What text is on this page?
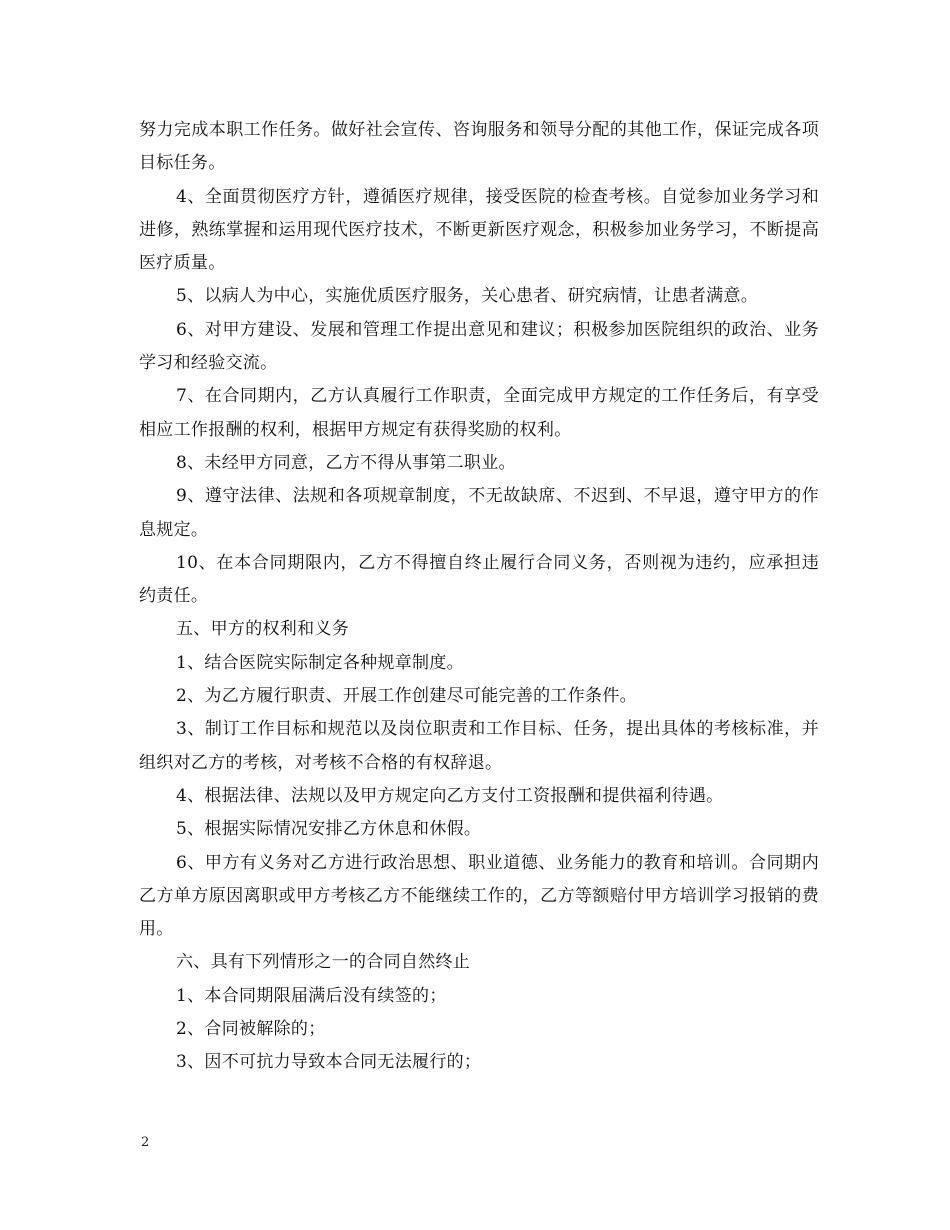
努力完成本职工作任务。做好社会宣传、咨询服务和领导分配的其他工作，保证完成各项目标任务。

4、全面贯彻医疗方针，遵循医疗规律，接受医院的检查考核。自觉参加业务学习和进修，熟练掌握和运用现代医疗技术，不断更新医疗观念，积极参加业务学习，不断提高医疗质量。

5、以病人为中心，实施优质医疗服务，关心患者、研究病情，让患者满意。

6、对甲方建设、发展和管理工作提出意见和建议；积极参加医院组织的政治、业务学习和经验交流。

7、在合同期内，乙方认真履行工作职责，全面完成甲方规定的工作任务后，有享受相应工作报酬的权利，根据甲方规定有获得奖励的权利。

8、未经甲方同意，乙方不得从事第二职业。

9、遵守法律、法规和各项规章制度，不无故缺席、不迟到、不早退，遵守甲方的作息规定。

10、在本合同期限内，乙方不得擅自终止履行合同义务，否则视为违约，应承担违约责任。

五、甲方的权利和义务

1、结合医院实际制定各种规章制度。

2、为乙方履行职责、开展工作创建尽可能完善的工作条件。

3、制订工作目标和规范以及岗位职责和工作目标、任务，提出具体的考核标准，并组织对乙方的考核，对考核不合格的有权辞退。

4、根据法律、法规以及甲方规定向乙方支付工资报酬和提供福利待遇。

5、根据实际情况安排乙方休息和休假。

6、甲方有义务对乙方进行政治思想、职业道德、业务能力的教育和培训。合同期内乙方单方原因离职或甲方考核乙方不能继续工作的，乙方等额赔付甲方培训学习报销的费用。

六、具有下列情形之一的合同自然终止

1、本合同期限届满后没有续签的；

2、合同被解除的；

3、因不可抗力导致本合同无法履行的；

2
